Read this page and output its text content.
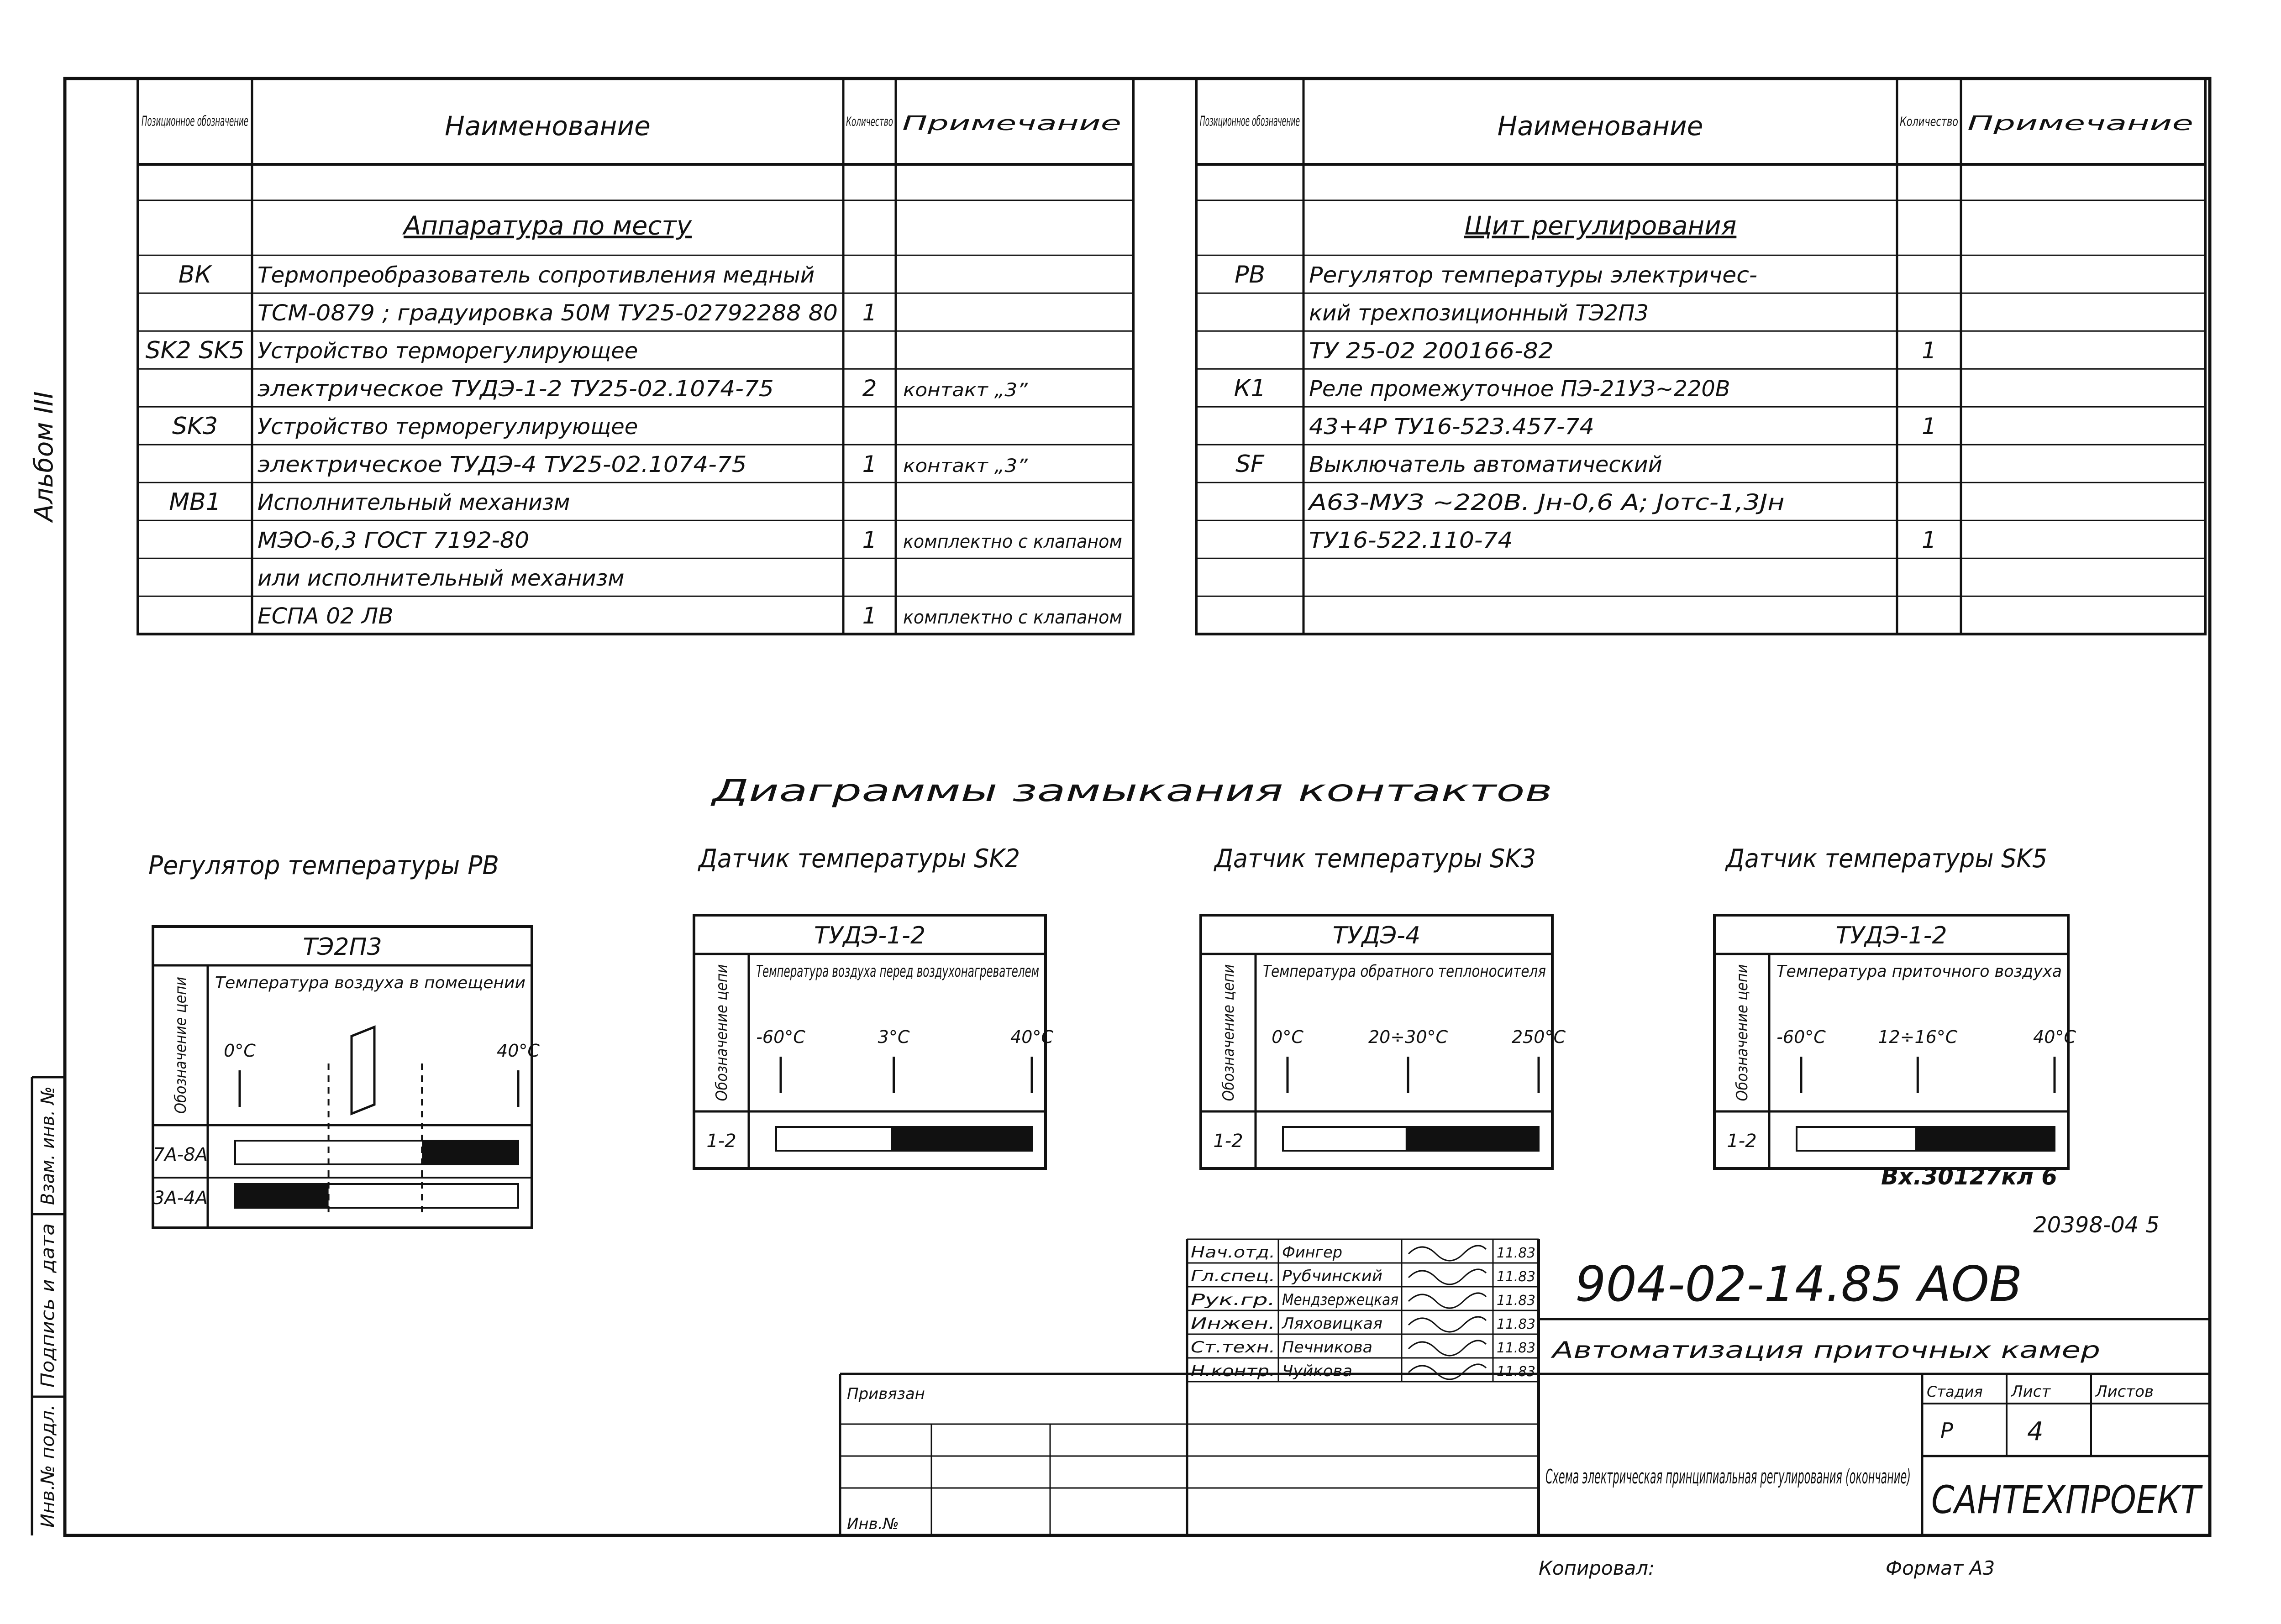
Альбом III
Взам. инв. №
Подпись и дата
Инв.№ подл.
Позиционное обозначение	Наименование	Количество Примечание
Аппаратура по месту
ВК Термопреобразователь сопротивления медный
ТСМ-0879 ; градуировка 50М ТУ25-02792288 80 1
SK2 SK5 Устройство терморегулирующее
электрическое ТУДЭ-1-2 ТУ25-02.1074-75	2 контакт „3”
SK3 Устройство терморегулирующее
электрическое ТУДЭ-4 ТУ25-02.1074-75	1 контакт „3”
МВ1 Исполнительный механизм
МЭО-6,3 ГОСТ 7192-80	1 комплектно с клапаном
или исполнительный механизм
ЕСПА 02 ЛВ	1 комплектно с клапаном
Позиционное обозначение	Наименование	Количество Примечание
Щит регулирования
РВ Регулятор температуры электричес-
кий трехпозиционный ТЭ2П3
ТУ 25-02 200166-82	1
К1 Реле промежуточное ПЭ-21УЗ~220В
43+4Р ТУ16-523.457-74	1
SF Выключатель автоматический
А63-МУЗ ~220В. Jн-0,6 А; Jотс-1,3Jн
ТУ16-522.110-74	1
Диаграммы замыкания контактов
Регулятор температуры РВ
ТЭ2П3
Обозначение цепи Температура воздуха в помещении
0°C	40°C
7А-8А
3А-4А
Датчик температуры SK2
ТУДЭ-1-2
Обозначение цепи Температура воздуха перед воздухонагревателем
-60°C	3°C	40°C
1-2
Датчик температуры SK3
ТУДЭ-4
Обозначение цепи Температура обратного теплоносителя
0°C	20÷30°C	250°C
1-2
Датчик температуры SK5
ТУДЭ-1-2
Обозначение цепи Температура приточного воздуха
-60°C	12÷16°C	40°C
1-2
Вх.30127кл 6
20398-04 5
Нач.отд. Фингер	11.83
Гл.спец. Рубчинский	11.83
Рук.гр. Мендзержецкая	11.83
Инжен. Ляховицкая	11.83
Ст.техн. Печникова	11.83
Н.контр. Чуйкова	11.83
904-02-14.85 АОВ
Автоматизация приточных камер
Стадия Лист	Листов
Р	4
Схема электрическая принципиальная регулирования (окончание)
САНТЕХПРОЕКТ
Привязан
Инв.№
Копировал:	Формат А3
